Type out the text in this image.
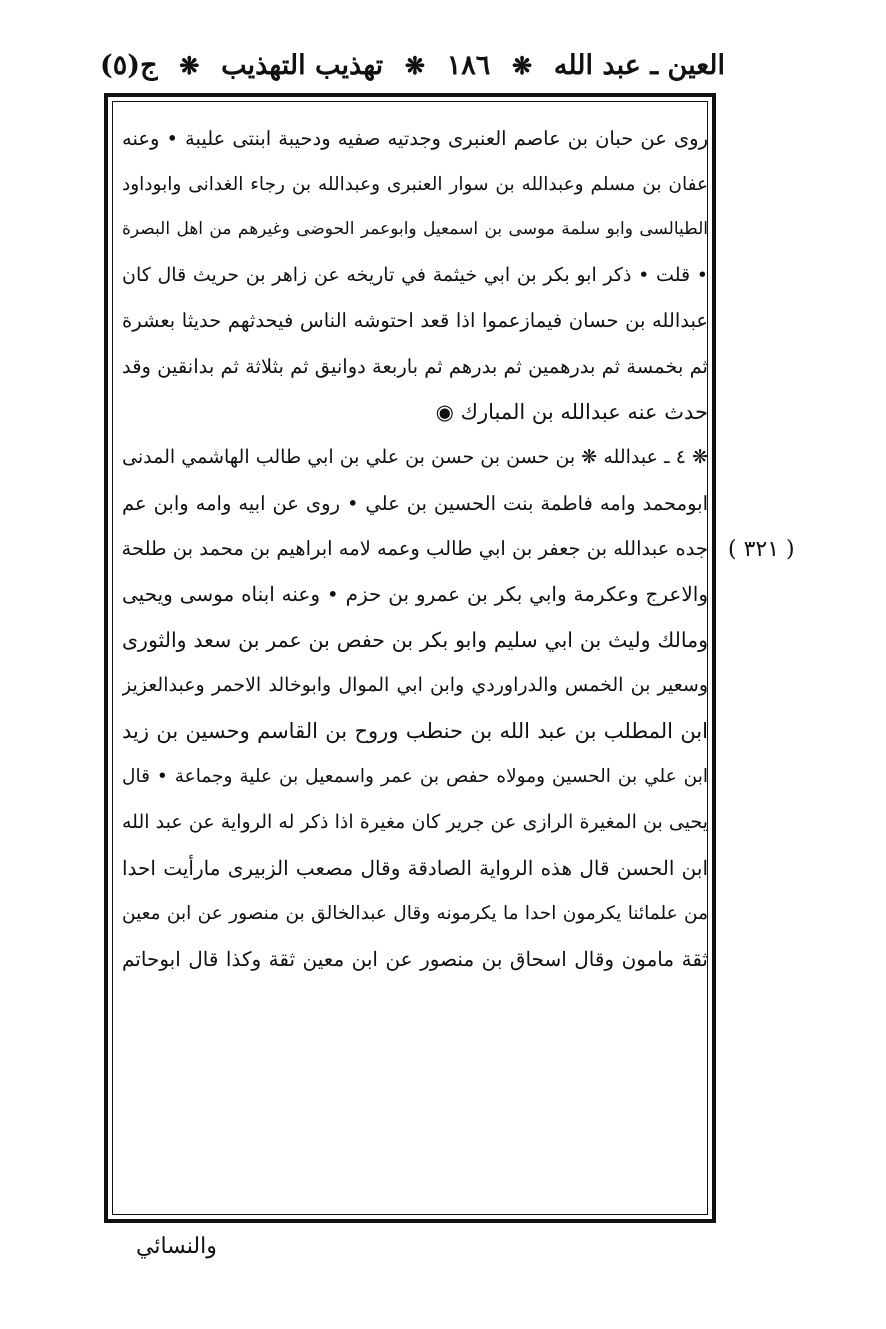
ج(٥) ❋ تهذيب التهذيب ❋ ١٨٦ ❋ العين ـ عبد الله
روى عن حبان بن عاصم العنبرى وجدتيه صفيه ودحيبة ابنتى عليبة • وعنه
عفان بن مسلم وعبدالله بن سوار العنبرى وعبدالله بن رجاء الغدانى وابوداود
الطيالسى وابو سلمة موسى بن اسمعيل وابوعمر الحوضى وغيرهم من اهل البصرة
• قلت • ذكر ابو بكر بن ابي خيثمة في تاريخه عن زاهر بن حريث قال كان
عبدالله بن حسان فيمازعموا اذا قعد احتوشه الناس فيحدثهم حديثا بعشرة
ثم بخمسة ثم بدرهمين ثم بدرهم ثم باربعة دوانيق ثم بثلاثة ثم بدانقين وقد
حدث عنه عبدالله بن المبارك ◉
❋ ٤ ـ عبدالله ❋ بن حسن بن حسن بن علي بن ابي طالب الهاشمي المدنى
ابومحمد وامه فاطمة بنت الحسين بن علي • روى عن ابيه وامه وابن عم
جده عبدالله بن جعفر بن ابي طالب وعمه لامه ابراهيم بن محمد بن طلحة
والاعرج وعكرمة وابي بكر بن عمرو بن حزم • وعنه ابناه موسى ويحيى
ومالك وليث بن ابي سليم وابو بكر بن حفص بن عمر بن سعد والثورى
وسعير بن الخمس والدراوردي وابن ابي الموال وابوخالد الاحمر وعبدالعزيز
ابن المطلب بن عبد الله بن حنطب وروح بن القاسم وحسين بن زيد
ابن علي بن الحسين ومولاه حفص بن عمر واسمعيل بن علية وجماعة • قال
يحيى بن المغيرة الرازى عن جرير كان مغيرة اذا ذكر له الرواية عن عبد الله
ابن الحسن قال هذه الرواية الصادقة وقال مصعب الزبيرى مارأيت احدا
من علمائنا يكرمون احدا ما يكرمونه وقال عبدالخالق بن منصور عن ابن معين
ثقة مامون وقال اسحاق بن منصور عن ابن معين ثقة وكذا قال ابوحاتم
( ٣٢١ )
والنسائي
